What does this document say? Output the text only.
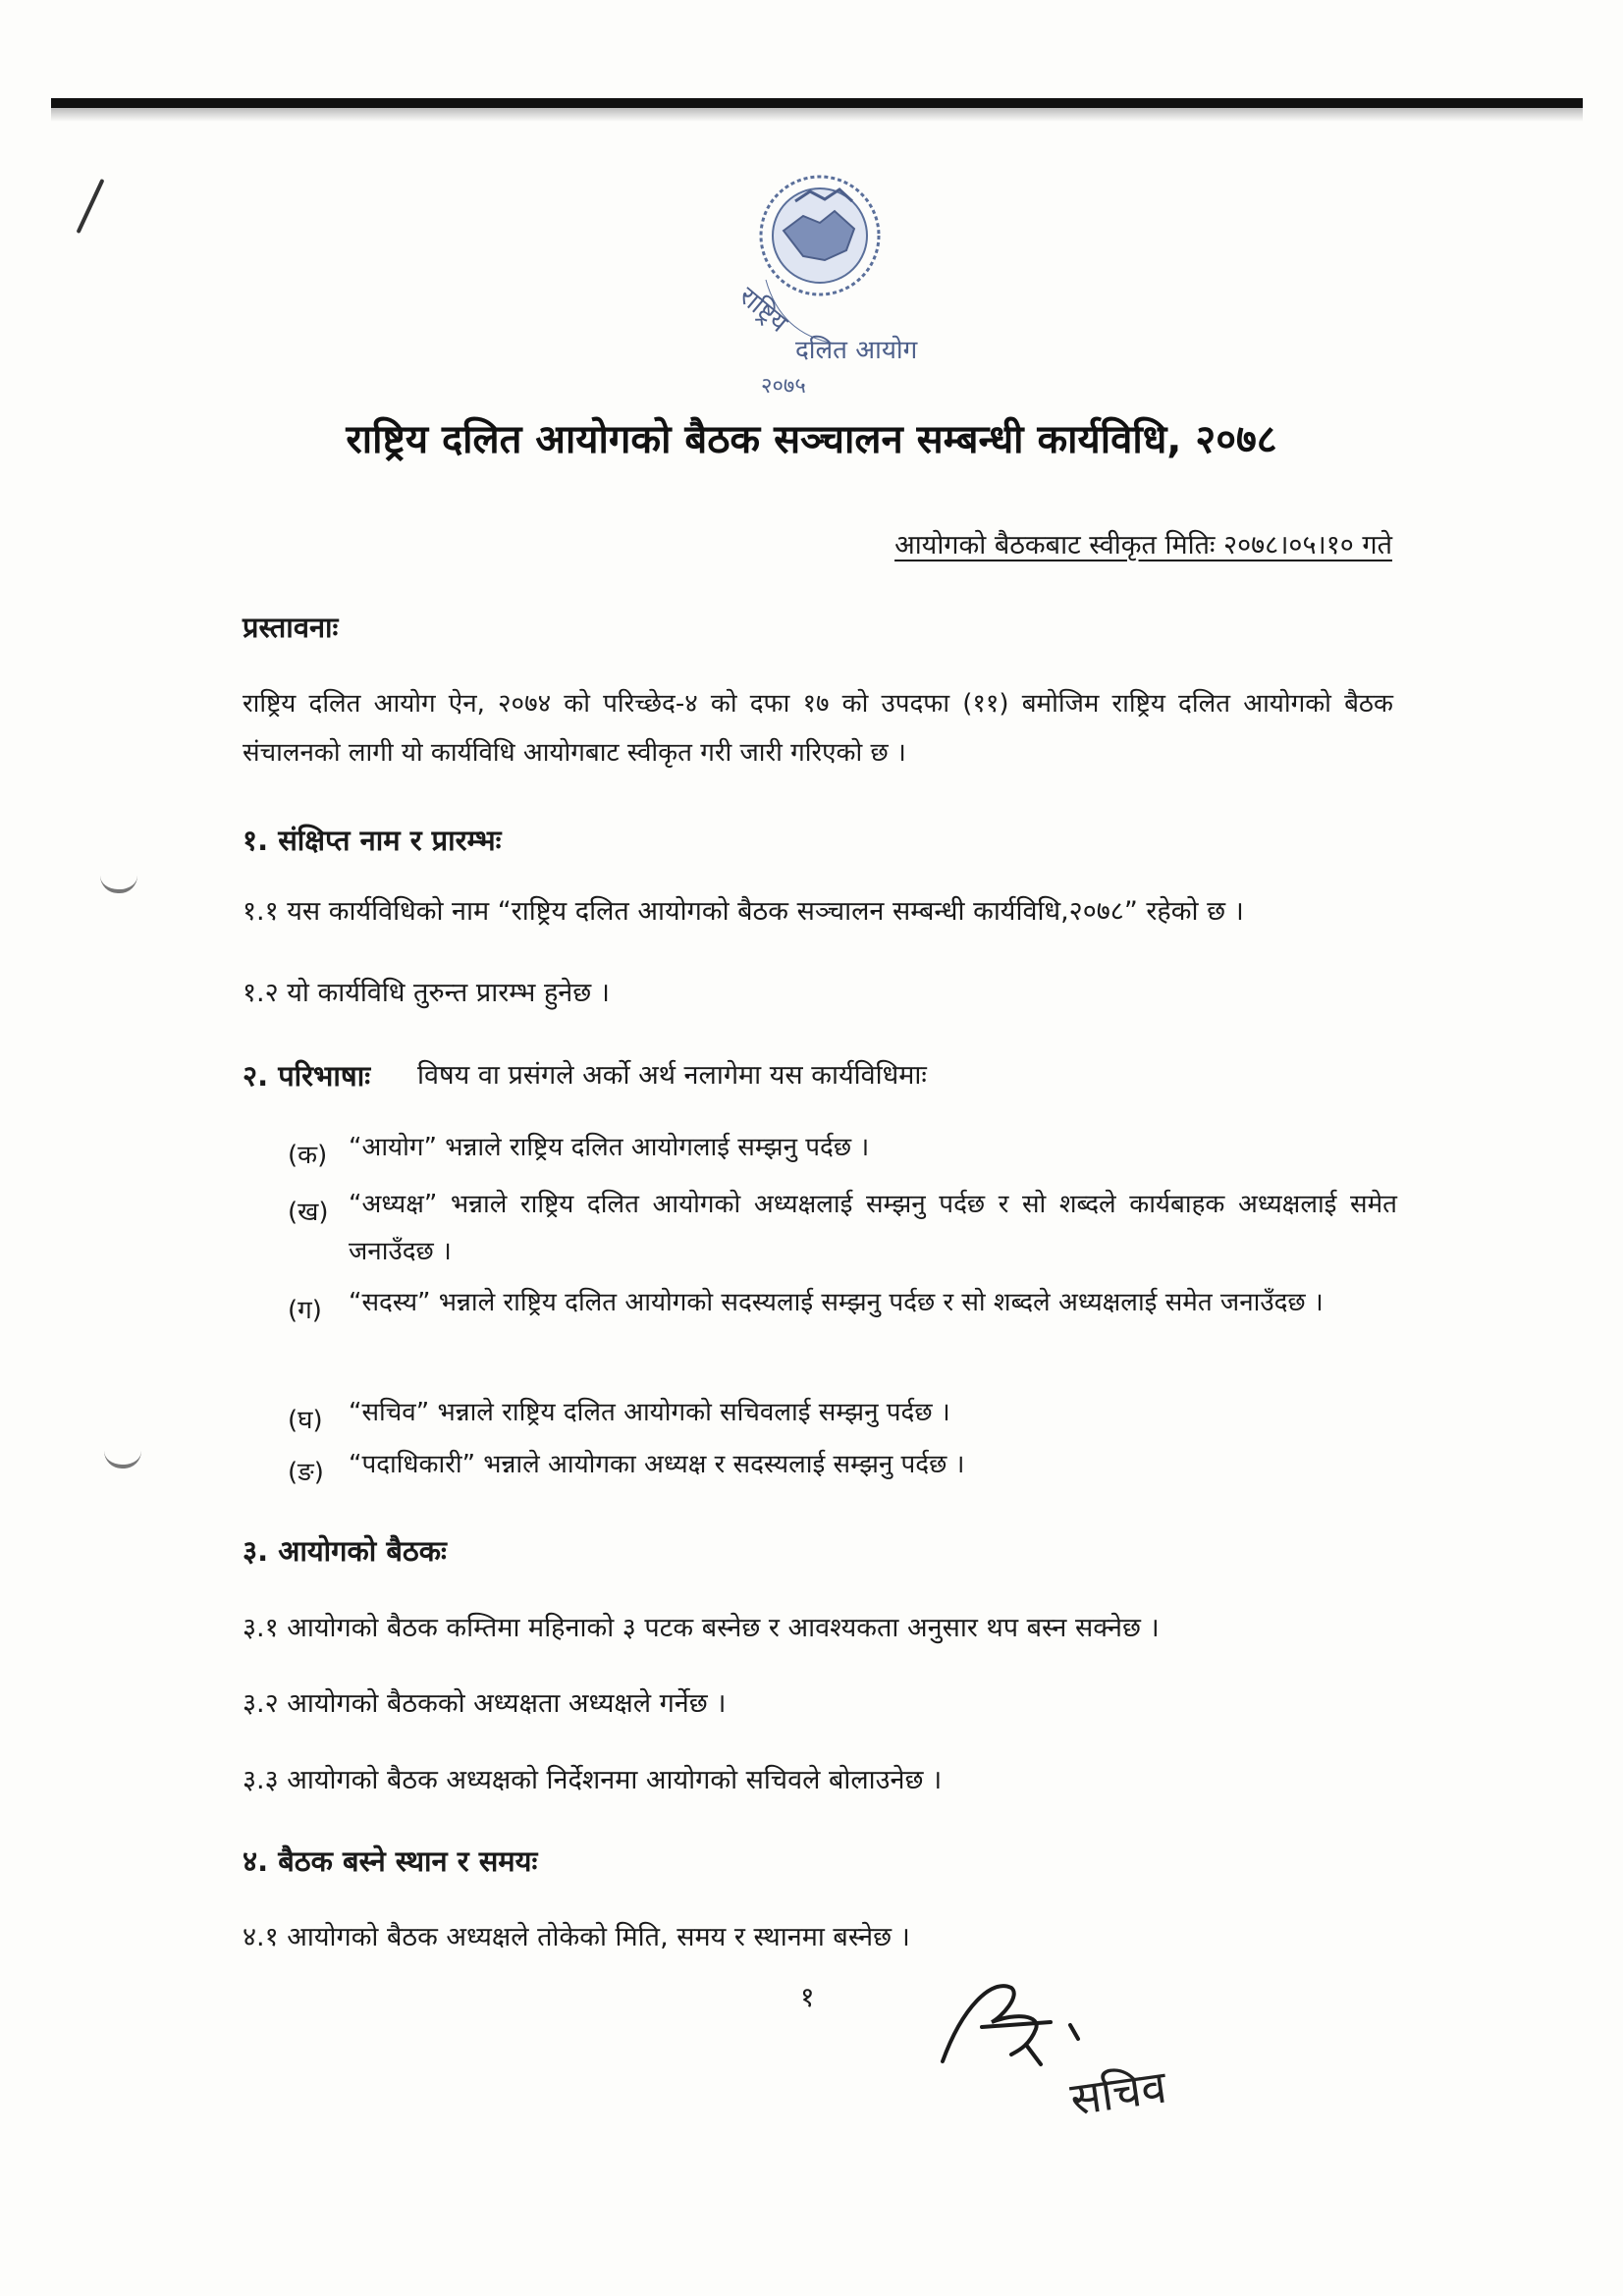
राष्ट्रिय
दलित आयोग
२०७५
राष्ट्रिय दलित आयोगको बैठक सञ्चालन सम्बन्धी कार्यविधि, २०७८
आयोगको बैठकबाट स्वीकृत मितिः २०७८।०५।१० गते
प्रस्तावनाः
राष्ट्रिय दलित आयोग ऐन, २०७४ को परिच्छेद-४ को दफा १७ को उपदफा (११) बमोजिम राष्ट्रिय दलित आयोगको बैठक संचालनको लागी यो कार्यविधि आयोगबाट स्वीकृत गरी जारी गरिएको छ ।
१. संक्षिप्त नाम र प्रारम्भः
१.१ यस कार्यविधिको नाम “राष्ट्रिय दलित आयोगको बैठक सञ्चालन सम्बन्धी कार्यविधि,२०७८” रहेको छ ।
१.२ यो कार्यविधि तुरुन्त प्रारम्भ हुनेछ ।
२. परिभाषाः विषय वा प्रसंगले अर्को अर्थ नलागेमा यस कार्यविधिमाः
(क) “आयोग” भन्नाले राष्ट्रिय दलित आयोगलाई सम्झनु पर्दछ ।
(ख) “अध्यक्ष” भन्नाले राष्ट्रिय दलित आयोगको अध्यक्षलाई सम्झनु पर्दछ र सो शब्दले कार्यबाहक अध्यक्षलाई समेत जनाउँदछ ।
(ग) “सदस्य” भन्नाले राष्ट्रिय दलित आयोगको सदस्यलाई सम्झनु पर्दछ र सो शब्दले अध्यक्षलाई समेत जनाउँदछ ।
(घ) “सचिव” भन्नाले राष्ट्रिय दलित आयोगको सचिवलाई सम्झनु पर्दछ ।
(ङ) “पदाधिकारी” भन्नाले आयोगका अध्यक्ष र सदस्यलाई सम्झनु पर्दछ ।
३. आयोगको बैठकः
३.१ आयोगको बैठक कम्तिमा महिनाको ३ पटक बस्नेछ र आवश्यकता अनुसार थप बस्न सक्नेछ ।
३.२ आयोगको बैठकको अध्यक्षता अध्यक्षले गर्नेछ ।
३.३ आयोगको बैठक अध्यक्षको निर्देशनमा आयोगको सचिवले बोलाउनेछ ।
४. बैठक बस्ने स्थान र समयः
४.१ आयोगको बैठक अध्यक्षले तोकेको मिति, समय र स्थानमा बस्नेछ ।
१
सचिव
